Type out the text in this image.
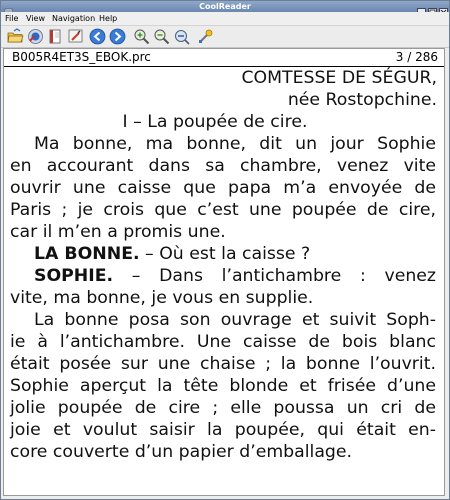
CoolReader
File View Navigation Help
B005R4ET3S_EBOK.prc	3 / 286
COMTESSE DE SÉGUR,
née Rostopchine.
I – La poupée de cire.
Ma bonne, ma bonne, dit un jour Sophie
en accourant dans sa chambre, venez vite
ouvrir une caisse que papa m’a envoyée de
Paris ; je crois que c’est une poupée de cire,
car il m’en a promis une.
LA BONNE. – Où est la caisse ?
SOPHIE. – Dans l’antichambre : venez
vite, ma bonne, je vous en supplie.
La bonne posa son ouvrage et suivit Soph-
ie à l’antichambre. Une caisse de bois blanc
était posée sur une chaise ; la bonne l’ouvrit.
Sophie aperçut la tête blonde et frisée d’une
jolie poupée de cire ; elle poussa un cri de
joie et voulut saisir la poupée, qui était en-
core couverte d’un papier d’emballage.
